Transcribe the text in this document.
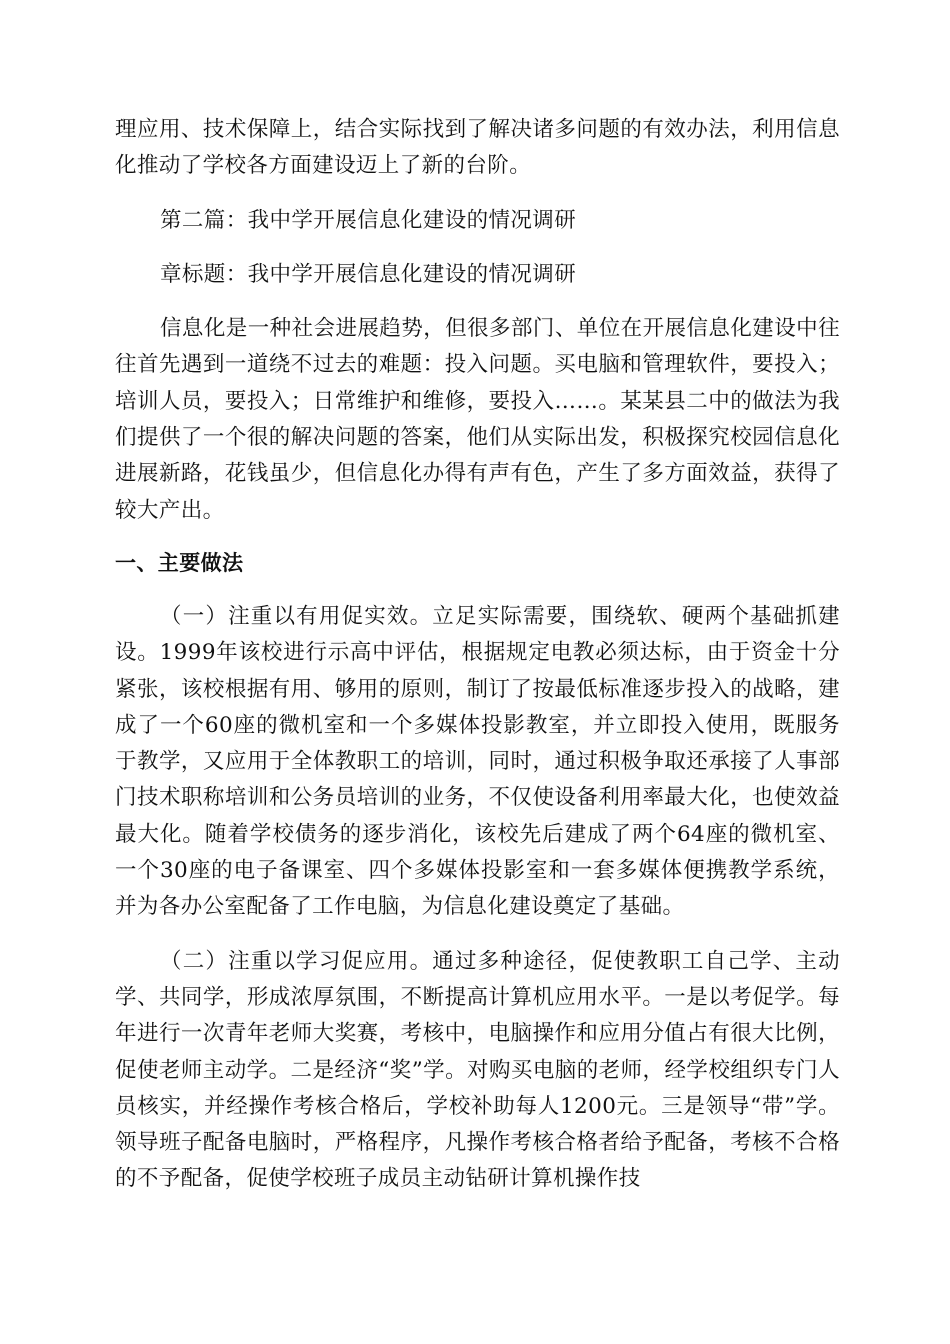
理应用、技术保障上，结合实际找到了解决诸多问题的有效办法，利用信息化推动了学校各方面建设迈上了新的台阶。

第二篇：我中学开展信息化建设的情况调研

章标题：我中学开展信息化建设的情况调研

信息化是一种社会进展趋势，但很多部门、单位在开展信息化建设中往往首先遇到一道绕不过去的难题：投入问题。买电脑和管理软件，要投入；培训人员，要投入；日常维护和维修，要投入……。某某县二中的做法为我们提供了一个很的解决问题的答案，他们从实际出发，积极探究校园信息化进展新路，花钱虽少，但信息化办得有声有色，产生了多方面效益，获得了较大产出。

一、主要做法

（一）注重以有用促实效。立足实际需要，围绕软、硬两个基础抓建设。1999年该校进行示高中评估，根据规定电教必须达标，由于资金十分紧张，该校根据有用、够用的原则，制订了按最低标准逐步投入的战略，建成了一个60座的微机室和一个多媒体投影教室，并立即投入使用，既服务于教学，又应用于全体教职工的培训，同时，通过积极争取还承接了人事部门技术职称培训和公务员培训的业务，不仅使设备利用率最大化，也使效益最大化。随着学校债务的逐步消化，该校先后建成了两个64座的微机室、一个30座的电子备课室、四个多媒体投影室和一套多媒体便携教学系统，并为各办公室配备了工作电脑，为信息化建设奠定了基础。

（二）注重以学习促应用。通过多种途径，促使教职工自己学、主动学、共同学，形成浓厚氛围，不断提高计算机应用水平。一是以考促学。每年进行一次青年老师大奖赛，考核中，电脑操作和应用分值占有很大比例，促使老师主动学。二是经济“奖”学。对购买电脑的老师，经学校组织专门人员核实，并经操作考核合格后，学校补助每人1200元。三是领导“带”学。领导班子配备电脑时，严格程序，凡操作考核合格者给予配备，考核不合格的不予配备，促使学校班子成员主动钻研计算机操作技
